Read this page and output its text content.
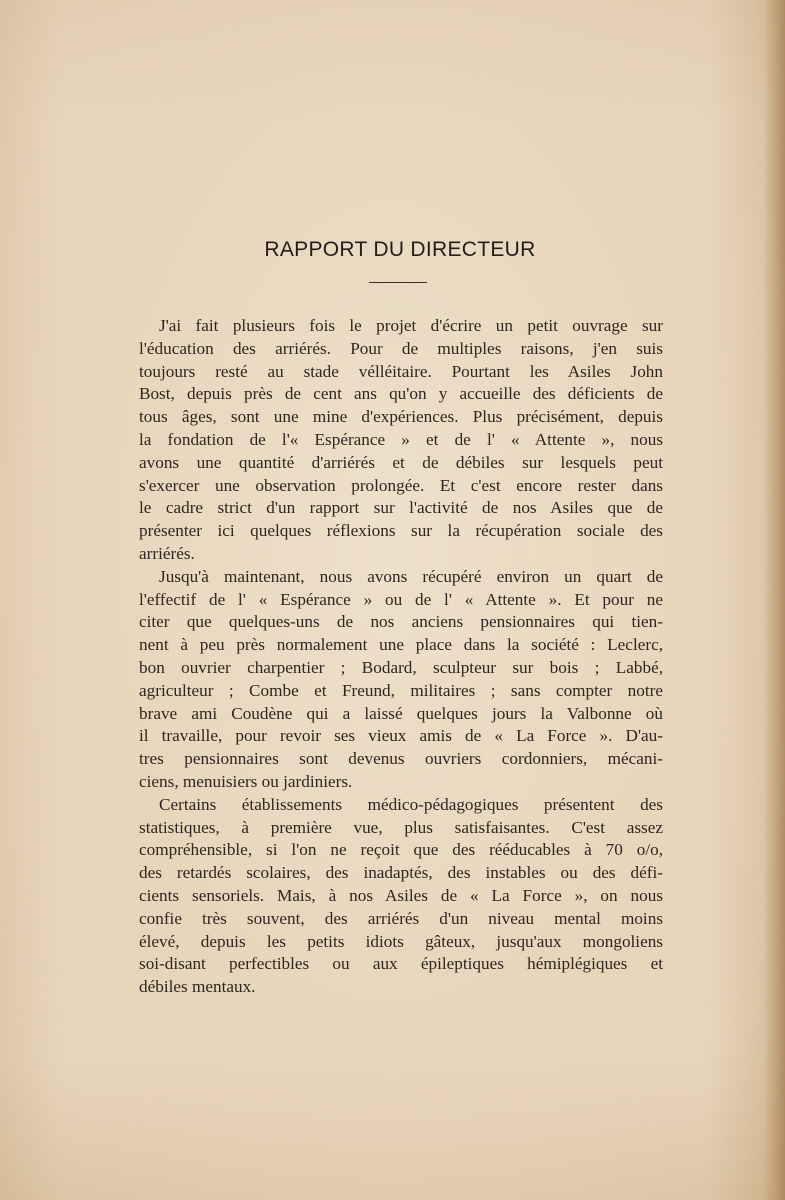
RAPPORT DU DIRECTEUR
J'ai fait plusieurs fois le projet d'écrire un petit ouvrage sur
l'éducation des arriérés. Pour de multiples raisons, j'en suis
toujours resté au stade vélléitaire. Pourtant les Asiles John
Bost, depuis près de cent ans qu'on y accueille des déficients de
tous âges, sont une mine d'expériences. Plus précisément, depuis
la fondation de l'« Espérance » et de l' « Attente », nous
avons une quantité d'arriérés et de débiles sur lesquels peut
s'exercer une observation prolongée. Et c'est encore rester dans
le cadre strict d'un rapport sur l'activité de nos Asiles que de
présenter ici quelques réflexions sur la récupération sociale des
arriérés.
Jusqu'à maintenant, nous avons récupéré environ un quart de
l'effectif de l' « Espérance » ou de l' « Attente ». Et pour ne
citer que quelques-uns de nos anciens pensionnaires qui tien-
nent à peu près normalement une place dans la société : Leclerc,
bon ouvrier charpentier ; Bodard, sculpteur sur bois ; Labbé,
agriculteur ; Combe et Freund, militaires ; sans compter notre
brave ami Coudène qui a laissé quelques jours la Valbonne où
il travaille, pour revoir ses vieux amis de « La Force ». D'au-
tres pensionnaires sont devenus ouvriers cordonniers, mécani-
ciens, menuisiers ou jardiniers.
Certains établissements médico-pédagogiques présentent des
statistiques, à première vue, plus satisfaisantes. C'est assez
compréhensible, si l'on ne reçoit que des rééducables à 70 o/o,
des retardés scolaires, des inadaptés, des instables ou des défi-
cients sensoriels. Mais, à nos Asiles de « La Force », on nous
confie très souvent, des arriérés d'un niveau mental moins
élevé, depuis les petits idiots gâteux, jusqu'aux mongoliens
soi-disant perfectibles ou aux épileptiques hémiplégiques et
débiles mentaux.
